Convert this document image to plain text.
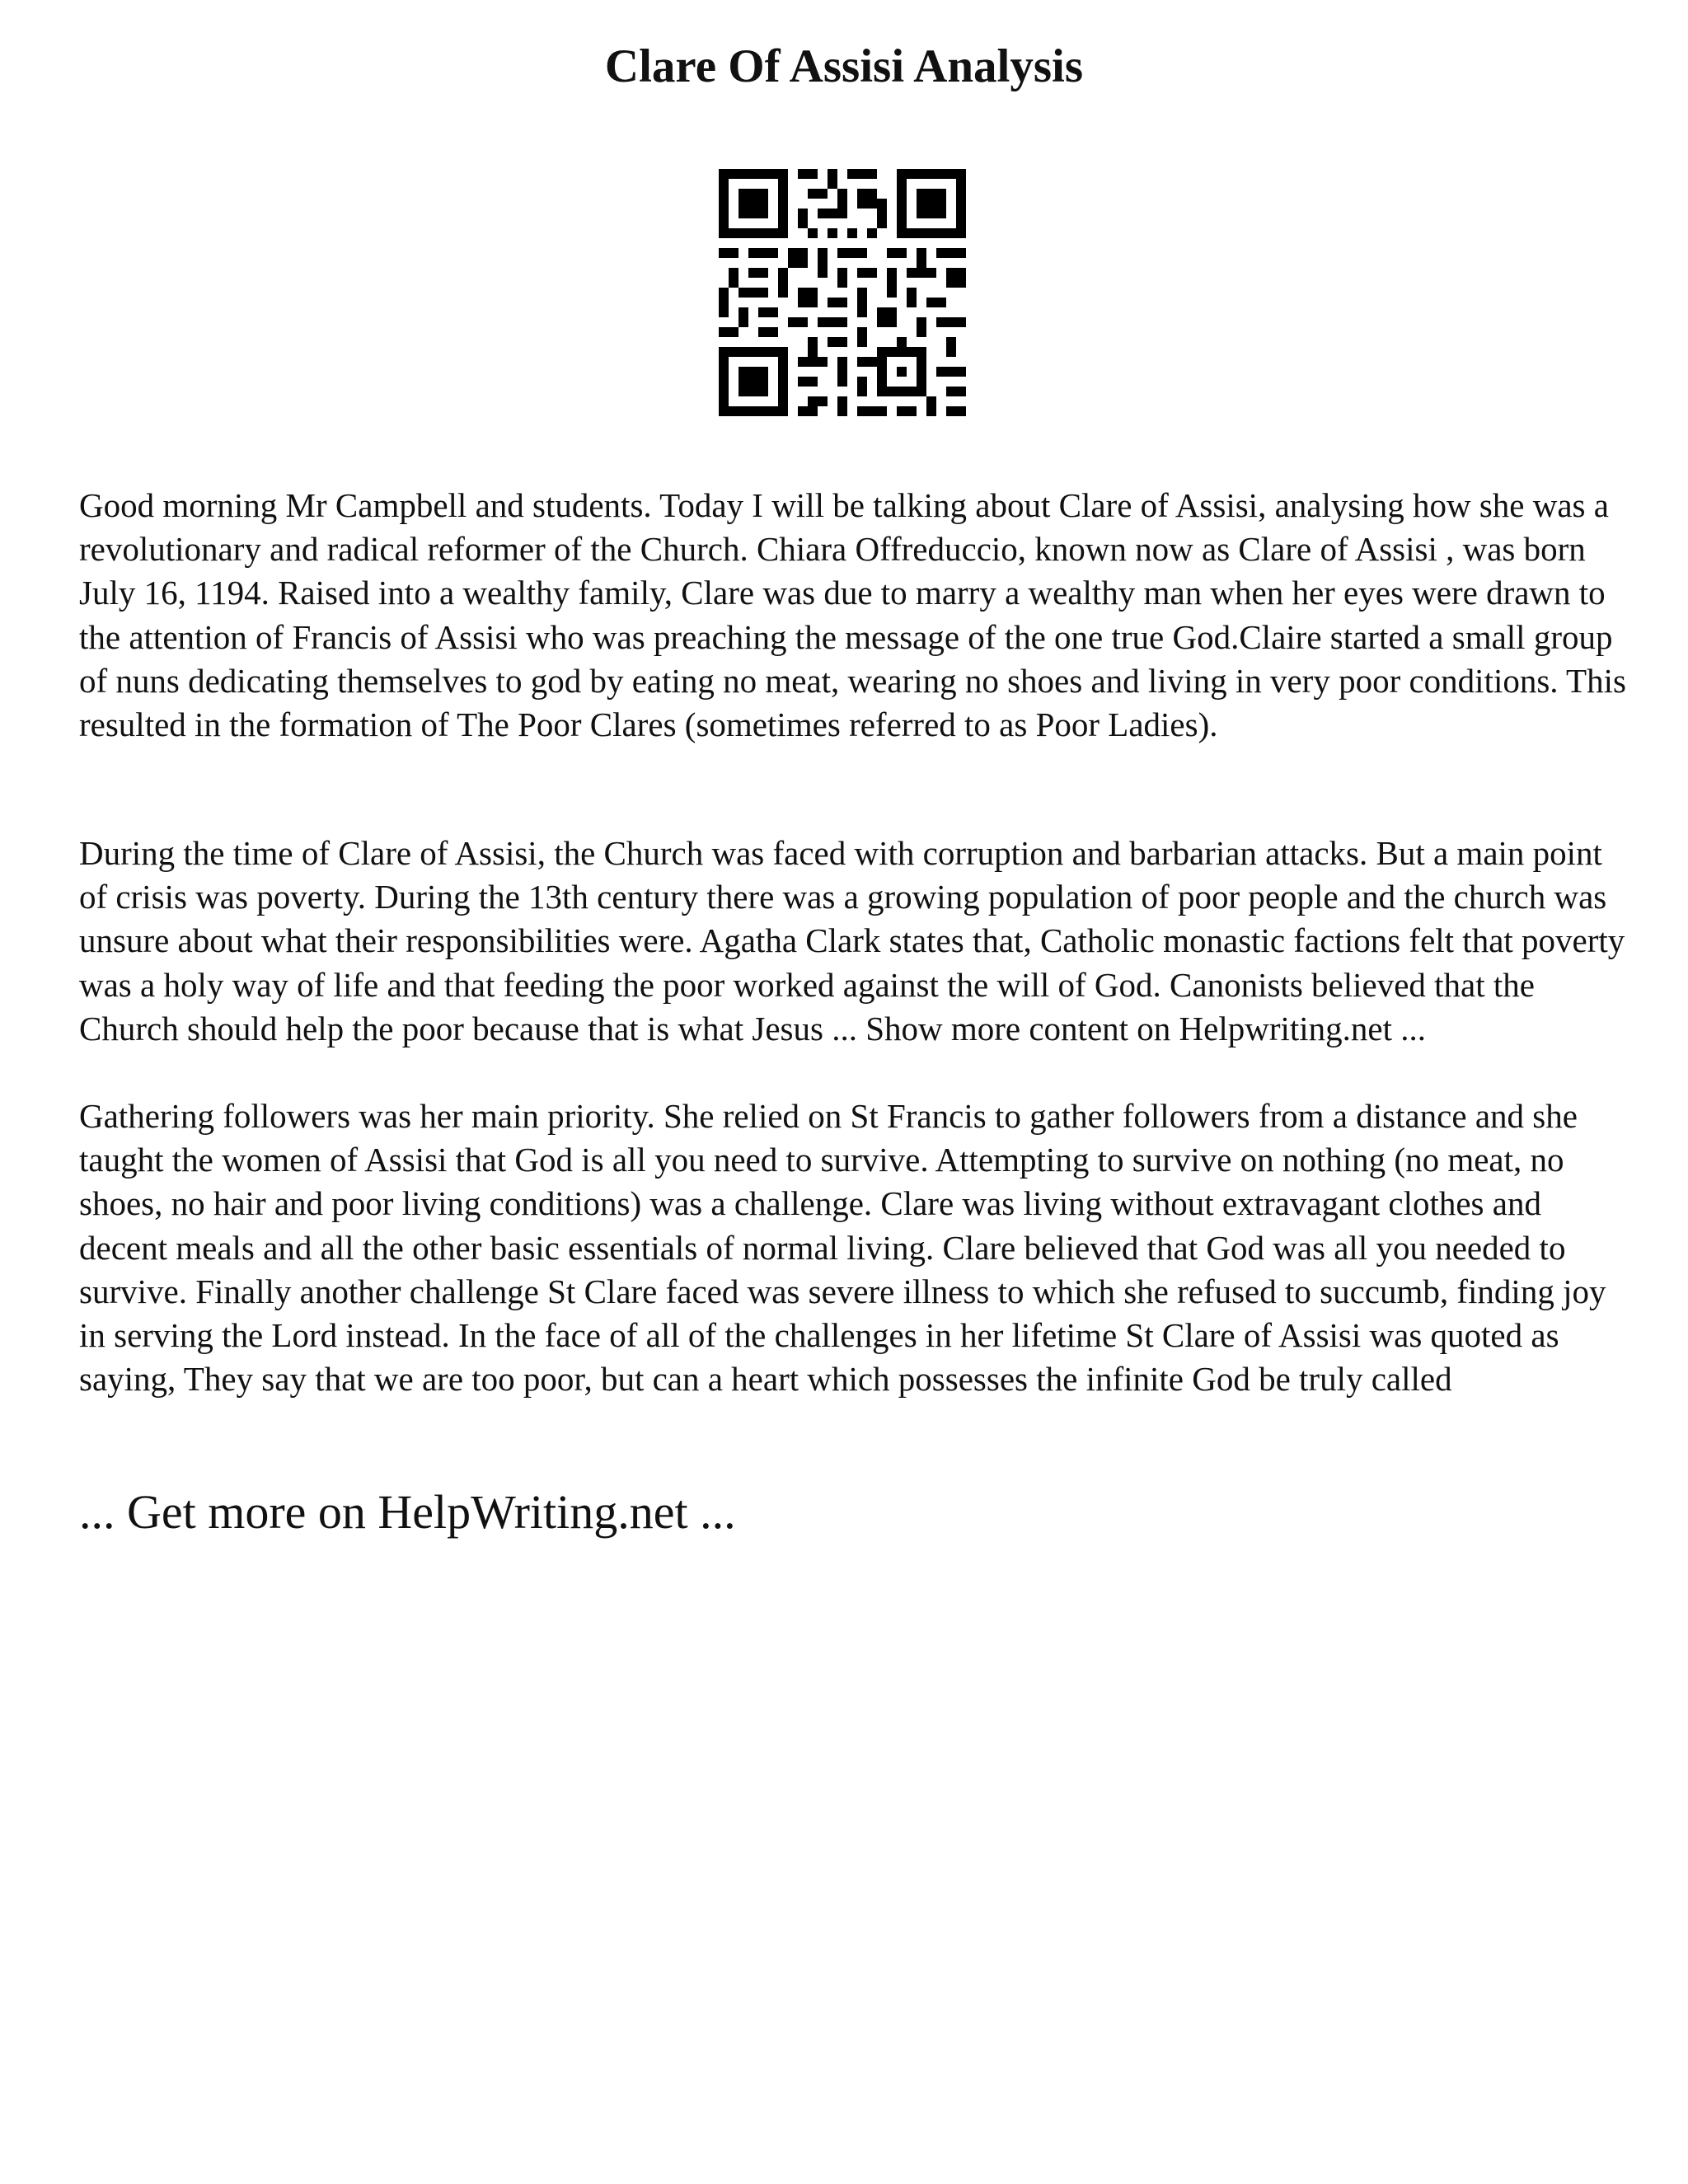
Clare Of Assisi Analysis

Good morning Mr Campbell and students. Today I will be talking about Clare of Assisi, analysing how she was a revolutionary and radical reformer of the Church. Chiara Offreduccio, known now as Clare of Assisi , was born July 16, 1194. Raised into a wealthy family, Clare was due to marry a wealthy man when her eyes were drawn to the attention of Francis of Assisi who was preaching the message of the one true God.Claire started a small group of nuns dedicating themselves to god by eating no meat, wearing no shoes and living in very poor conditions. This resulted in the formation of The Poor Clares (sometimes referred to as Poor Ladies).

During the time of Clare of Assisi, the Church was faced with corruption and barbarian attacks. But a main point of crisis was poverty. During the 13th century there was a growing population of poor people and the church was unsure about what their responsibilities were. Agatha Clark states that, Catholic monastic factions felt that poverty was a holy way of life and that feeding the poor worked against the will of God. Canonists believed that the Church should help the poor because that is what Jesus ... Show more content on Helpwriting.net ...

Gathering followers was her main priority. She relied on St Francis to gather followers from a distance and she taught the women of Assisi that God is all you need to survive. Attempting to survive on nothing (no meat, no shoes, no hair and poor living conditions) was a challenge. Clare was living without extravagant clothes and decent meals and all the other basic essentials of normal living. Clare believed that God was all you needed to survive. Finally another challenge St Clare faced was severe illness to which she refused to succumb, finding joy in serving the Lord instead. In the face of all of the challenges in her lifetime St Clare of Assisi was quoted as saying, They say that we are too poor, but can a heart which possesses the infinite God be truly called

... Get more on HelpWriting.net ...
